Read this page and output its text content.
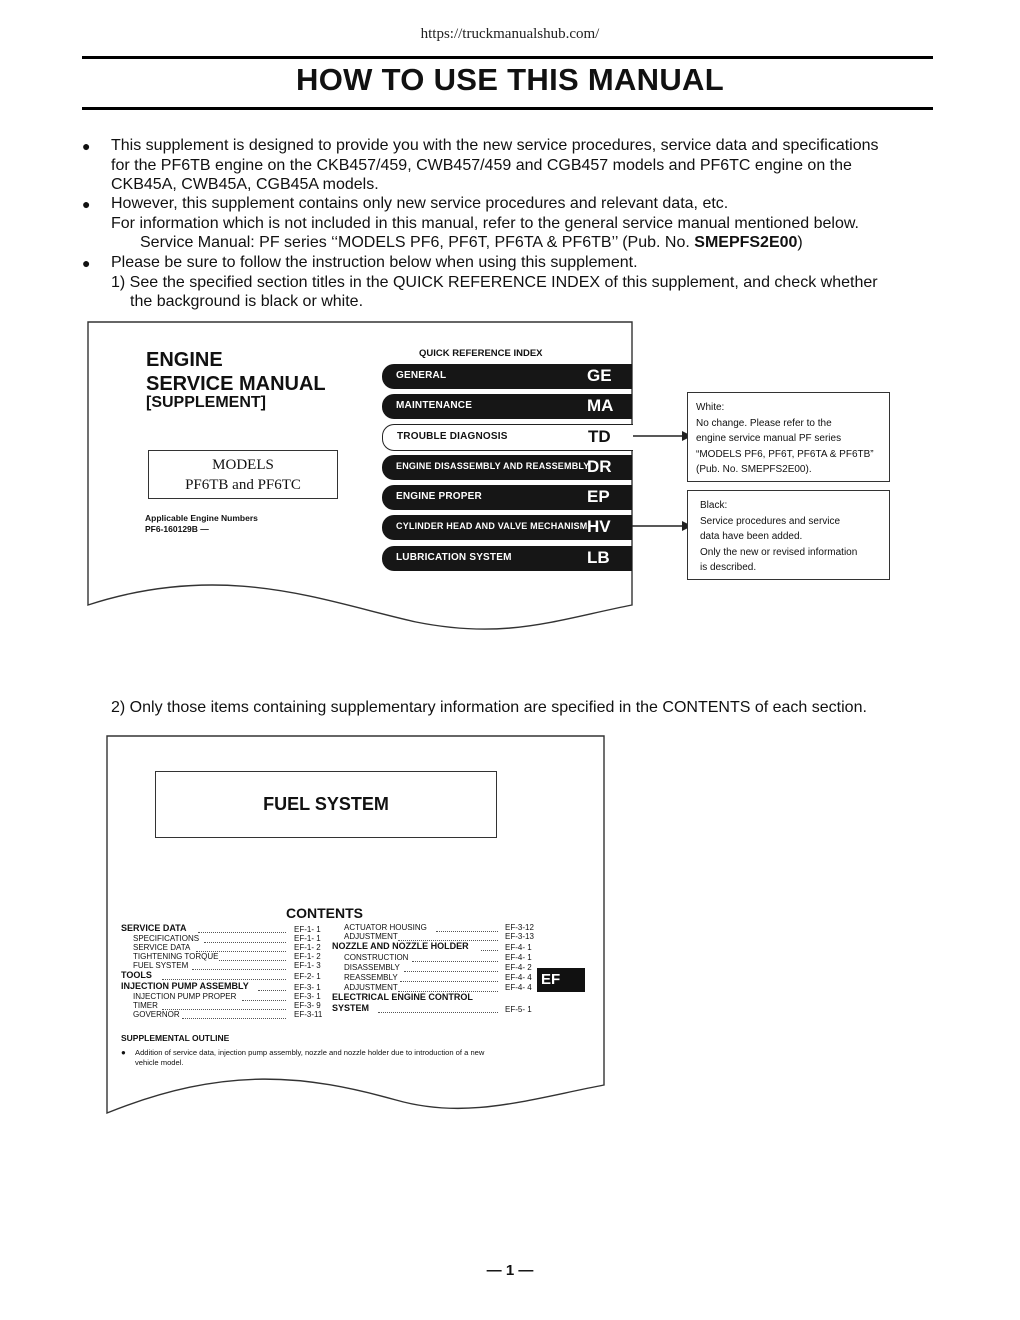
https://truckmanualshub.com/
HOW TO USE THIS MANUAL
● This supplement is designed to provide you with the new service procedures, service data and specifications
for the PF6TB engine on the CKB457/459, CWB457/459 and CGB457 models and PF6TC engine on the
CKB45A, CWB45A, CGB45A models.
● However, this supplement contains only new service procedures and relevant data, etc.
For information which is not included in this manual, refer to the general service manual mentioned below.
Service Manual: PF series ‘‘MODELS PF6, PF6T, PF6TA & PF6TB’’ (Pub. No. SMEPFS2E00)
● Please be sure to follow the instruction below when using this supplement.
1) See the specified section titles in the QUICK REFERENCE INDEX of this supplement, and check whether
the background is black or white.
ENGINE
SERVICE MANUAL
[SUPPLEMENT]
MODELS
PF6TB and PF6TC
Applicable Engine Numbers
PF6-160129B —
QUICK REFERENCE INDEX
GENERAL	GE
MAINTENANCE	MA
TROUBLE DIAGNOSIS	TD
ENGINE DISASSEMBLY AND REASSEMBLY
DR
ENGINE PROPER	EP
CYLINDER HEAD AND VALVE MECHANISM HV
LUBRICATION SYSTEM	LB
White:
No change. Please refer to the
engine service manual PF series
“MODELS PF6, PF6T, PF6TA & PF6TB”
(Pub. No. SMEPFS2E00).
Black:
Service procedures and service
data have been added.
Only the new or revised information
is described.
2) Only those items containing supplementary information are specified in the CONTENTS of each section.
FUEL SYSTEM
CONTENTS
SERVICE DATA	EF-1- 1
SPECIFICATIONS	EF-1- 1
SERVICE DATA	EF-1- 2
TIGHTENING TORQUE	EF-1- 2
FUEL SYSTEM	EF-1- 3
TOOLS	EF-2- 1
INJECTION PUMP ASSEMBLY	EF-3- 1
INJECTION PUMP PROPER	EF-3- 1
TIMER	EF-3- 9
GOVERNOR	EF-3-11
ACTUATOR HOUSING	EF-3-12
ADJUSTMENT	EF-3-13
NOZZLE AND NOZZLE HOLDER	EF-4- 1
CONSTRUCTION	EF-4- 1
DISASSEMBLY	EF-4- 2
REASSEMBLY	EF-4- 4
ADJUSTMENT	EF-4- 4
ELECTRICAL ENGINE CONTROL
SYSTEM	EF-5- 1
EF
SUPPLEMENTAL OUTLINE
● Addition of service data, injection pump assembly, nozzle and nozzle holder due to introduction of a new
vehicle model.
— 1 —
